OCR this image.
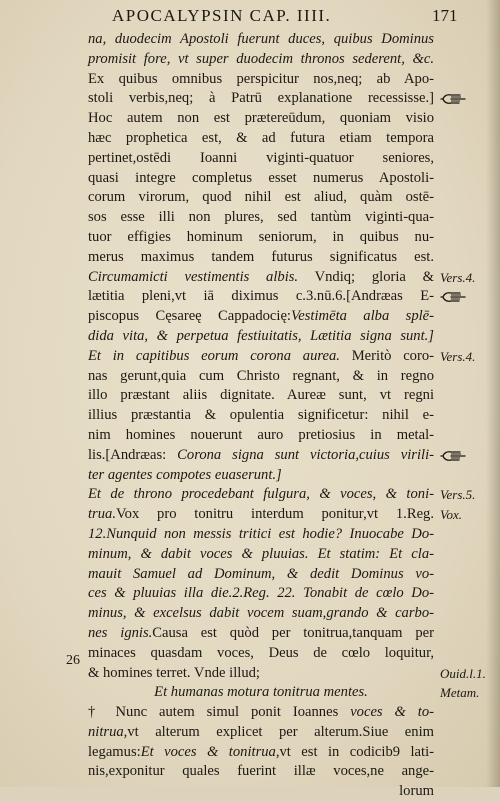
APOCALYPSIN CAP. IIII.	171
na, duodecim Apostoli fuerunt duces, quibus Dominus
promisit fore, vt super duodecim thronos sederent, &c.
Ex quibus omnibus perspicitur nos,neq; ab Apo-
stoli verbis,neq; à Patrū explanatione recessisse.]
Hoc autem non est prætereūdum, quoniam visio
hæc prophetica est, & ad futura etiam tempora
pertinet,ostēdi Ioanni viginti-quatuor seniores,
quasi integre completus esset numerus Apostoli-
corum virorum, quod nihil est aliud, quàm ostē-
sos esse illi non plures, sed tantùm viginti-qua-
tuor effigies hominum seniorum, in quibus nu-
merus maximus tandem futurus significatus est.
Circumamicti vestimentis albis. Vndiq; gloria &
lætitia pleni,vt iā diximus c.3.nū.6.[Andræas E-
piscopus Cęsareę Cappadocię:Vestimēta alba splē-
dida vita, & perpetua festiuitatis, Lætitia signa sunt.]
Et in capitibus eorum corona aurea. Meritò coro-
nas gerunt,quia cum Christo regnant, & in regno
illo præstant aliis dignitate. Aureæ sunt, vt regni
illius præstantia & opulentia significetur: nihil e-
nim homines nouerunt auro pretiosius in metal-
lis.[Andræas: Corona signa sunt victoria,cuius virili-
ter agentes compotes euaserunt.]
Et de throno procedebant fulgura, & voces, & toni-
trua.Vox pro tonitru interdum ponitur,vt 1.Reg.
12.Nunquid non messis tritici est hodie? Inuocabe Do-
minum, & dabit voces & pluuias. Et statim: Et cla-
mauit Samuel ad Dominum, & dedit Dominus vo-
ces & pluuias illa die.2.Reg. 22. Tonabit de cœlo Do-
minus, & excelsus dabit vocem suam,grando & carbo-
nes ignis.Causa est quòd per tonitrua,tanquam per
minaces quasdam voces, Deus de cœlo loquitur,
& homines terret. Vnde illud;
Et humanas motura tonitrua mentes.
† Nunc autem simul ponit Ioannes voces & to-
nitrua,vt alterum explicet per alterum.Siue enim
legamus:Et voces & tonitrua,vt est in codicib9 lati-
nis,exponitur quales fuerint illæ voces,ne ange-
lorum
26
Vers.4.
Vers.4.
Vers.5.
Vox.
Ouid.l.1.
Metam.
